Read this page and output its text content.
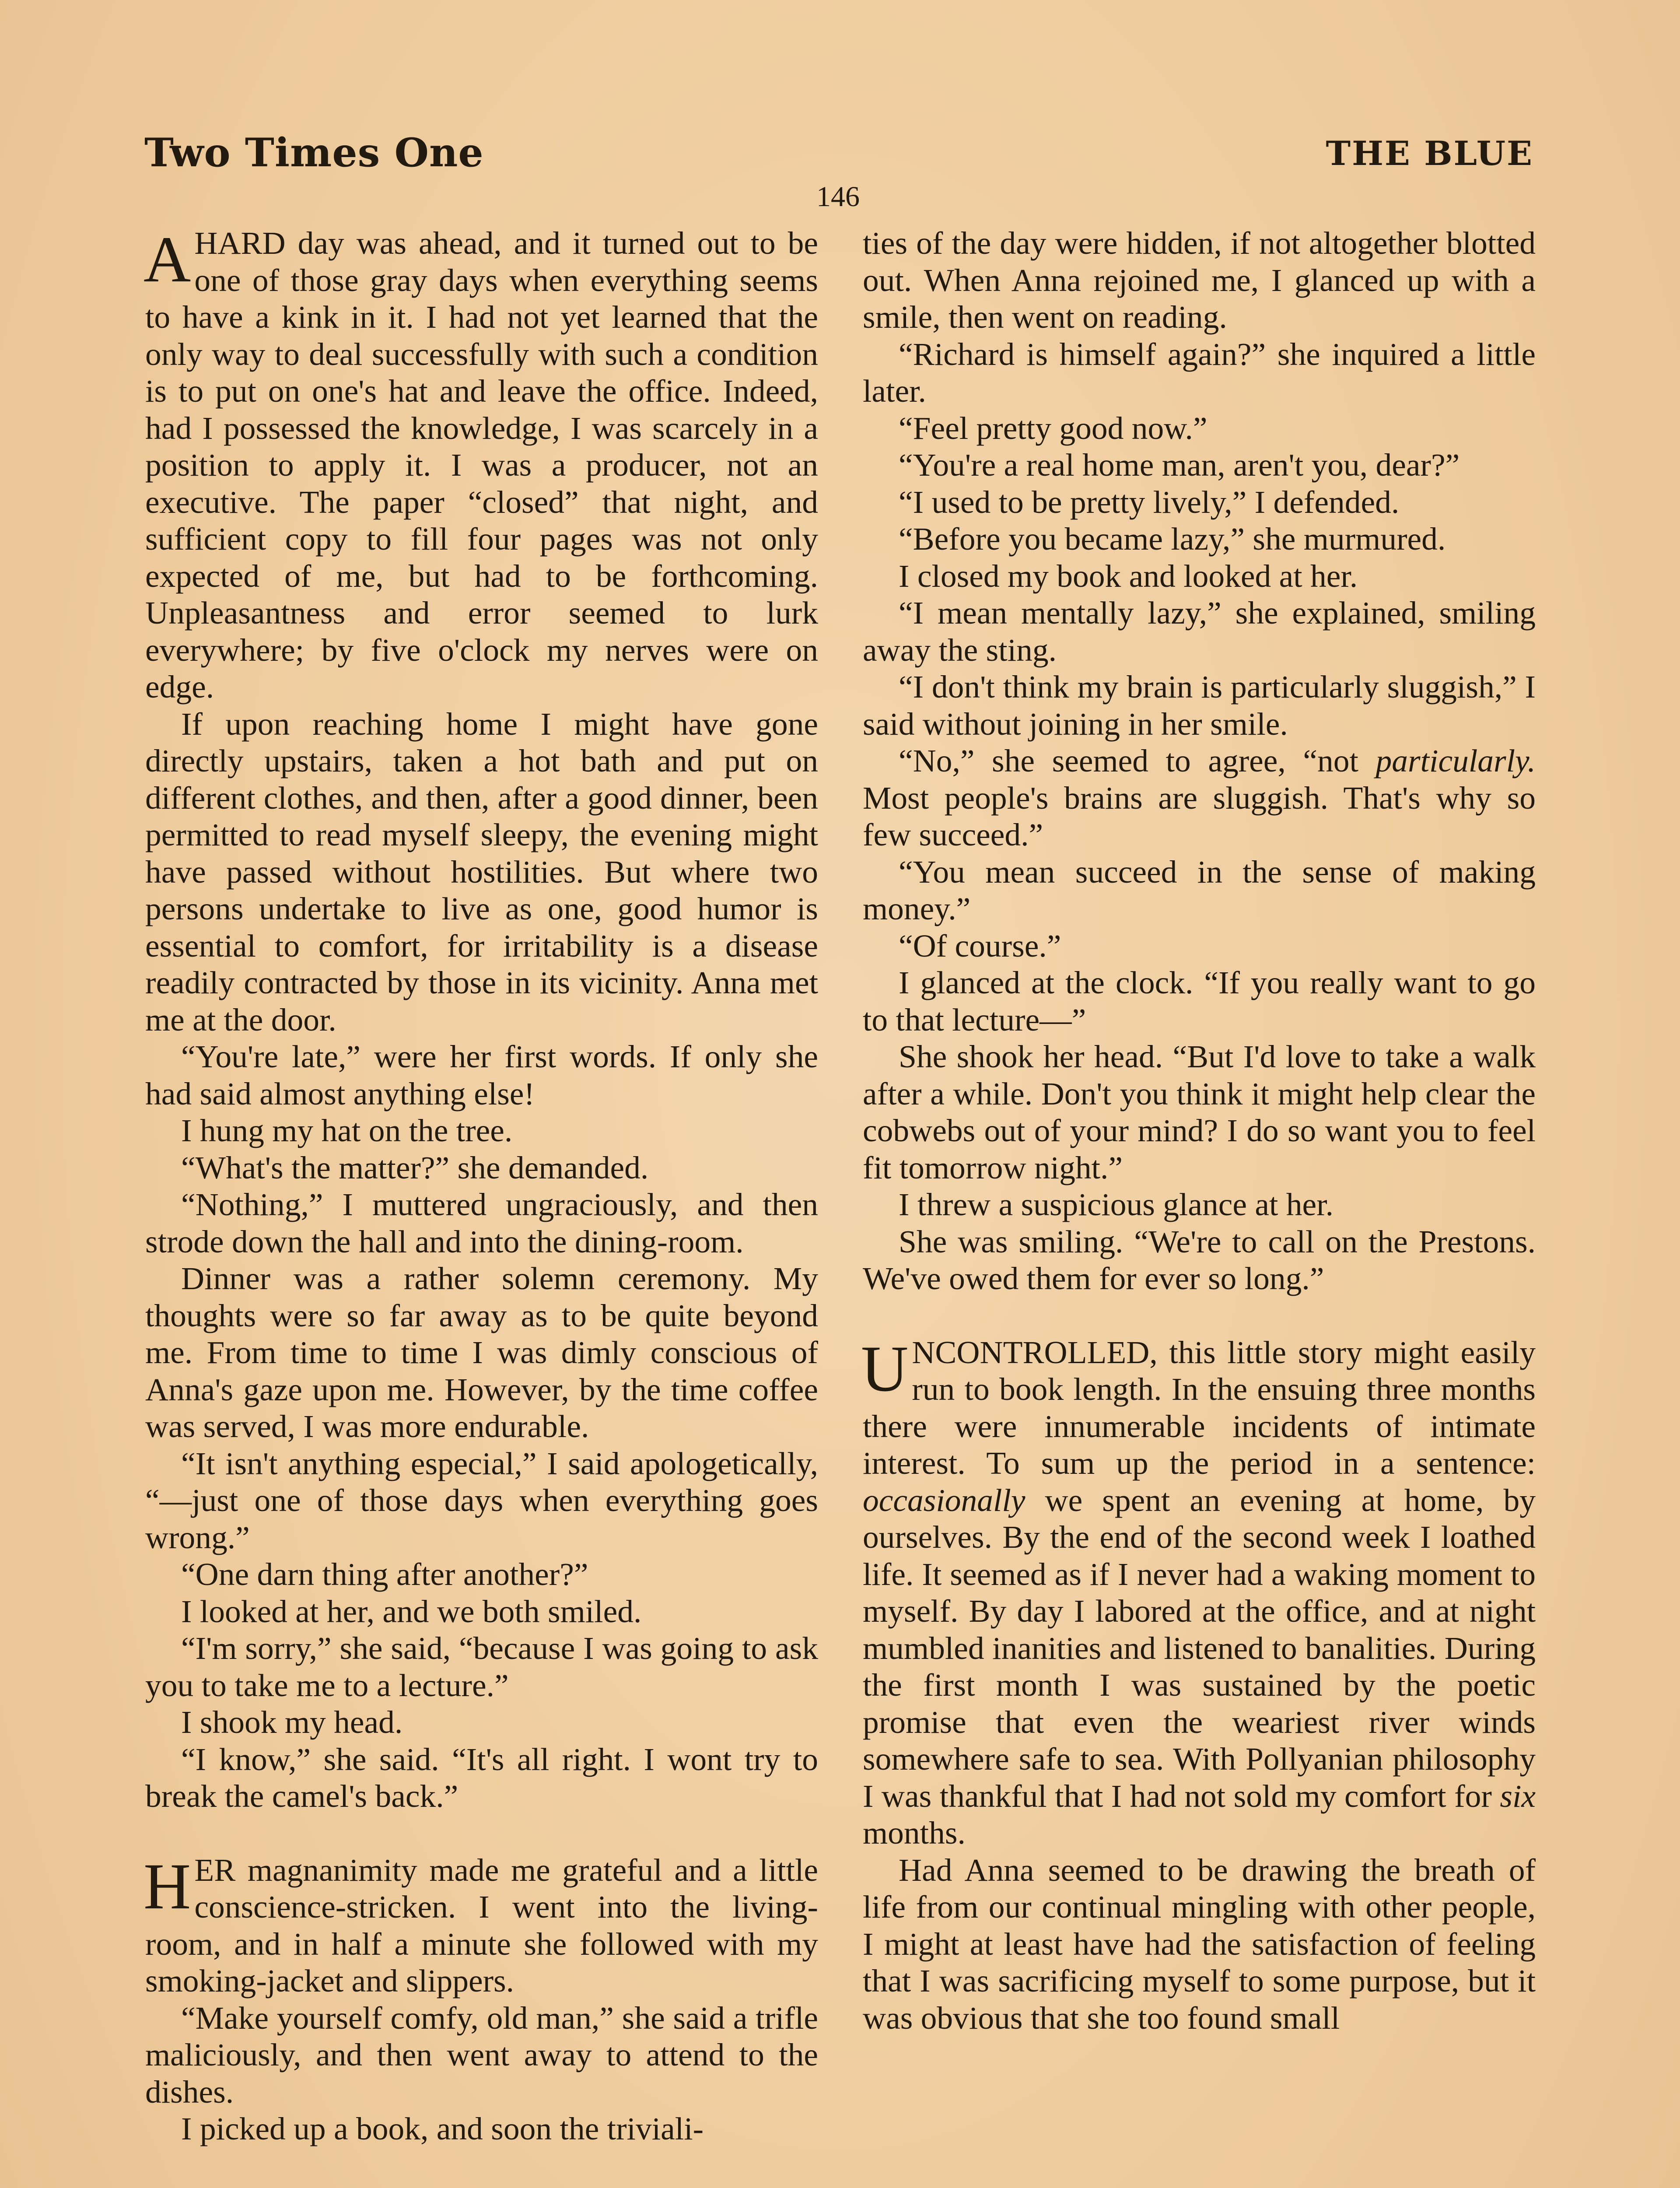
Two Times One	THE BLUE
146

AHARD day was ahead, and it turned out to be one of those gray days when everything seems to have a kink in it. I had not yet learned that the only way to deal successfully with such a condition is to put on one's hat and leave the office. Indeed, had I possessed the knowledge, I was scarcely in a position to apply it. I was a producer, not an executive. The paper “closed” that night, and sufficient copy to fill four pages was not only expected of me, but had to be forthcoming. Unpleasantness and error seemed to lurk everywhere; by five o'clock my nerves were on edge.

If upon reaching home I might have gone directly upstairs, taken a hot bath and put on different clothes, and then, after a good dinner, been permitted to read myself sleepy, the evening might have passed without hostilities. But where two persons undertake to live as one, good humor is essential to comfort, for irritability is a disease readily contracted by those in its vicinity. Anna met me at the door.

“You're late,” were her first words. If only she had said almost anything else!

I hung my hat on the tree.

“What's the matter?” she demanded.

“Nothing,” I muttered ungraciously, and then strode down the hall and into the dining-room.

Dinner was a rather solemn ceremony. My thoughts were so far away as to be quite beyond me. From time to time I was dimly conscious of Anna's gaze upon me. However, by the time coffee was served, I was more endurable.

“It isn't anything especial,” I said apologetically, “—just one of those days when everything goes wrong.”

“One darn thing after another?”

I looked at her, and we both smiled.

“I'm sorry,” she said, “because I was going to ask you to take me to a lecture.”

I shook my head.

“I know,” she said. “It's all right. I wont try to break the camel's back.”

HER magnanimity made me grateful and a little conscience-stricken. I went into the living-room, and in half a minute she followed with my smoking-jacket and slippers.

“Make yourself comfy, old man,” she said a trifle maliciously, and then went away to attend to the dishes.

I picked up a book, and soon the triviali-

ties of the day were hidden, if not altogether blotted out. When Anna rejoined me, I glanced up with a smile, then went on reading.

“Richard is himself again?” she inquired a little later.

“Feel pretty good now.”

“You're a real home man, aren't you, dear?”

“I used to be pretty lively,” I defended.

“Before you became lazy,” she murmured.

I closed my book and looked at her.

“I mean mentally lazy,” she explained, smiling away the sting.

“I don't think my brain is particularly sluggish,” I said without joining in her smile.

“No,” she seemed to agree, “not particularly. Most people's brains are sluggish. That's why so few succeed.”

“You mean succeed in the sense of making money.”

“Of course.”

I glanced at the clock. “If you really want to go to that lecture—”

She shook her head. “But I'd love to take a walk after a while. Don't you think it might help clear the cobwebs out of your mind? I do so want you to feel fit tomorrow night.”

I threw a suspicious glance at her.

She was smiling. “We're to call on the Prestons. We've owed them for ever so long.”

UNCONTROLLED, this little story might easily run to book length. In the ensuing three months there were innumerable incidents of intimate interest. To sum up the period in a sentence: occasionally we spent an evening at home, by ourselves. By the end of the second week I loathed life. It seemed as if I never had a waking moment to myself. By day I labored at the office, and at night mumbled inanities and listened to banalities. During the first month I was sustained by the poetic promise that even the weariest river winds somewhere safe to sea. With Pollyanian philosophy I was thankful that I had not sold my comfort for six months.

Had Anna seemed to be drawing the breath of life from our continual mingling with other people, I might at least have had the satisfaction of feeling that I was sacrificing myself to some purpose, but it was obvious that she too found small
